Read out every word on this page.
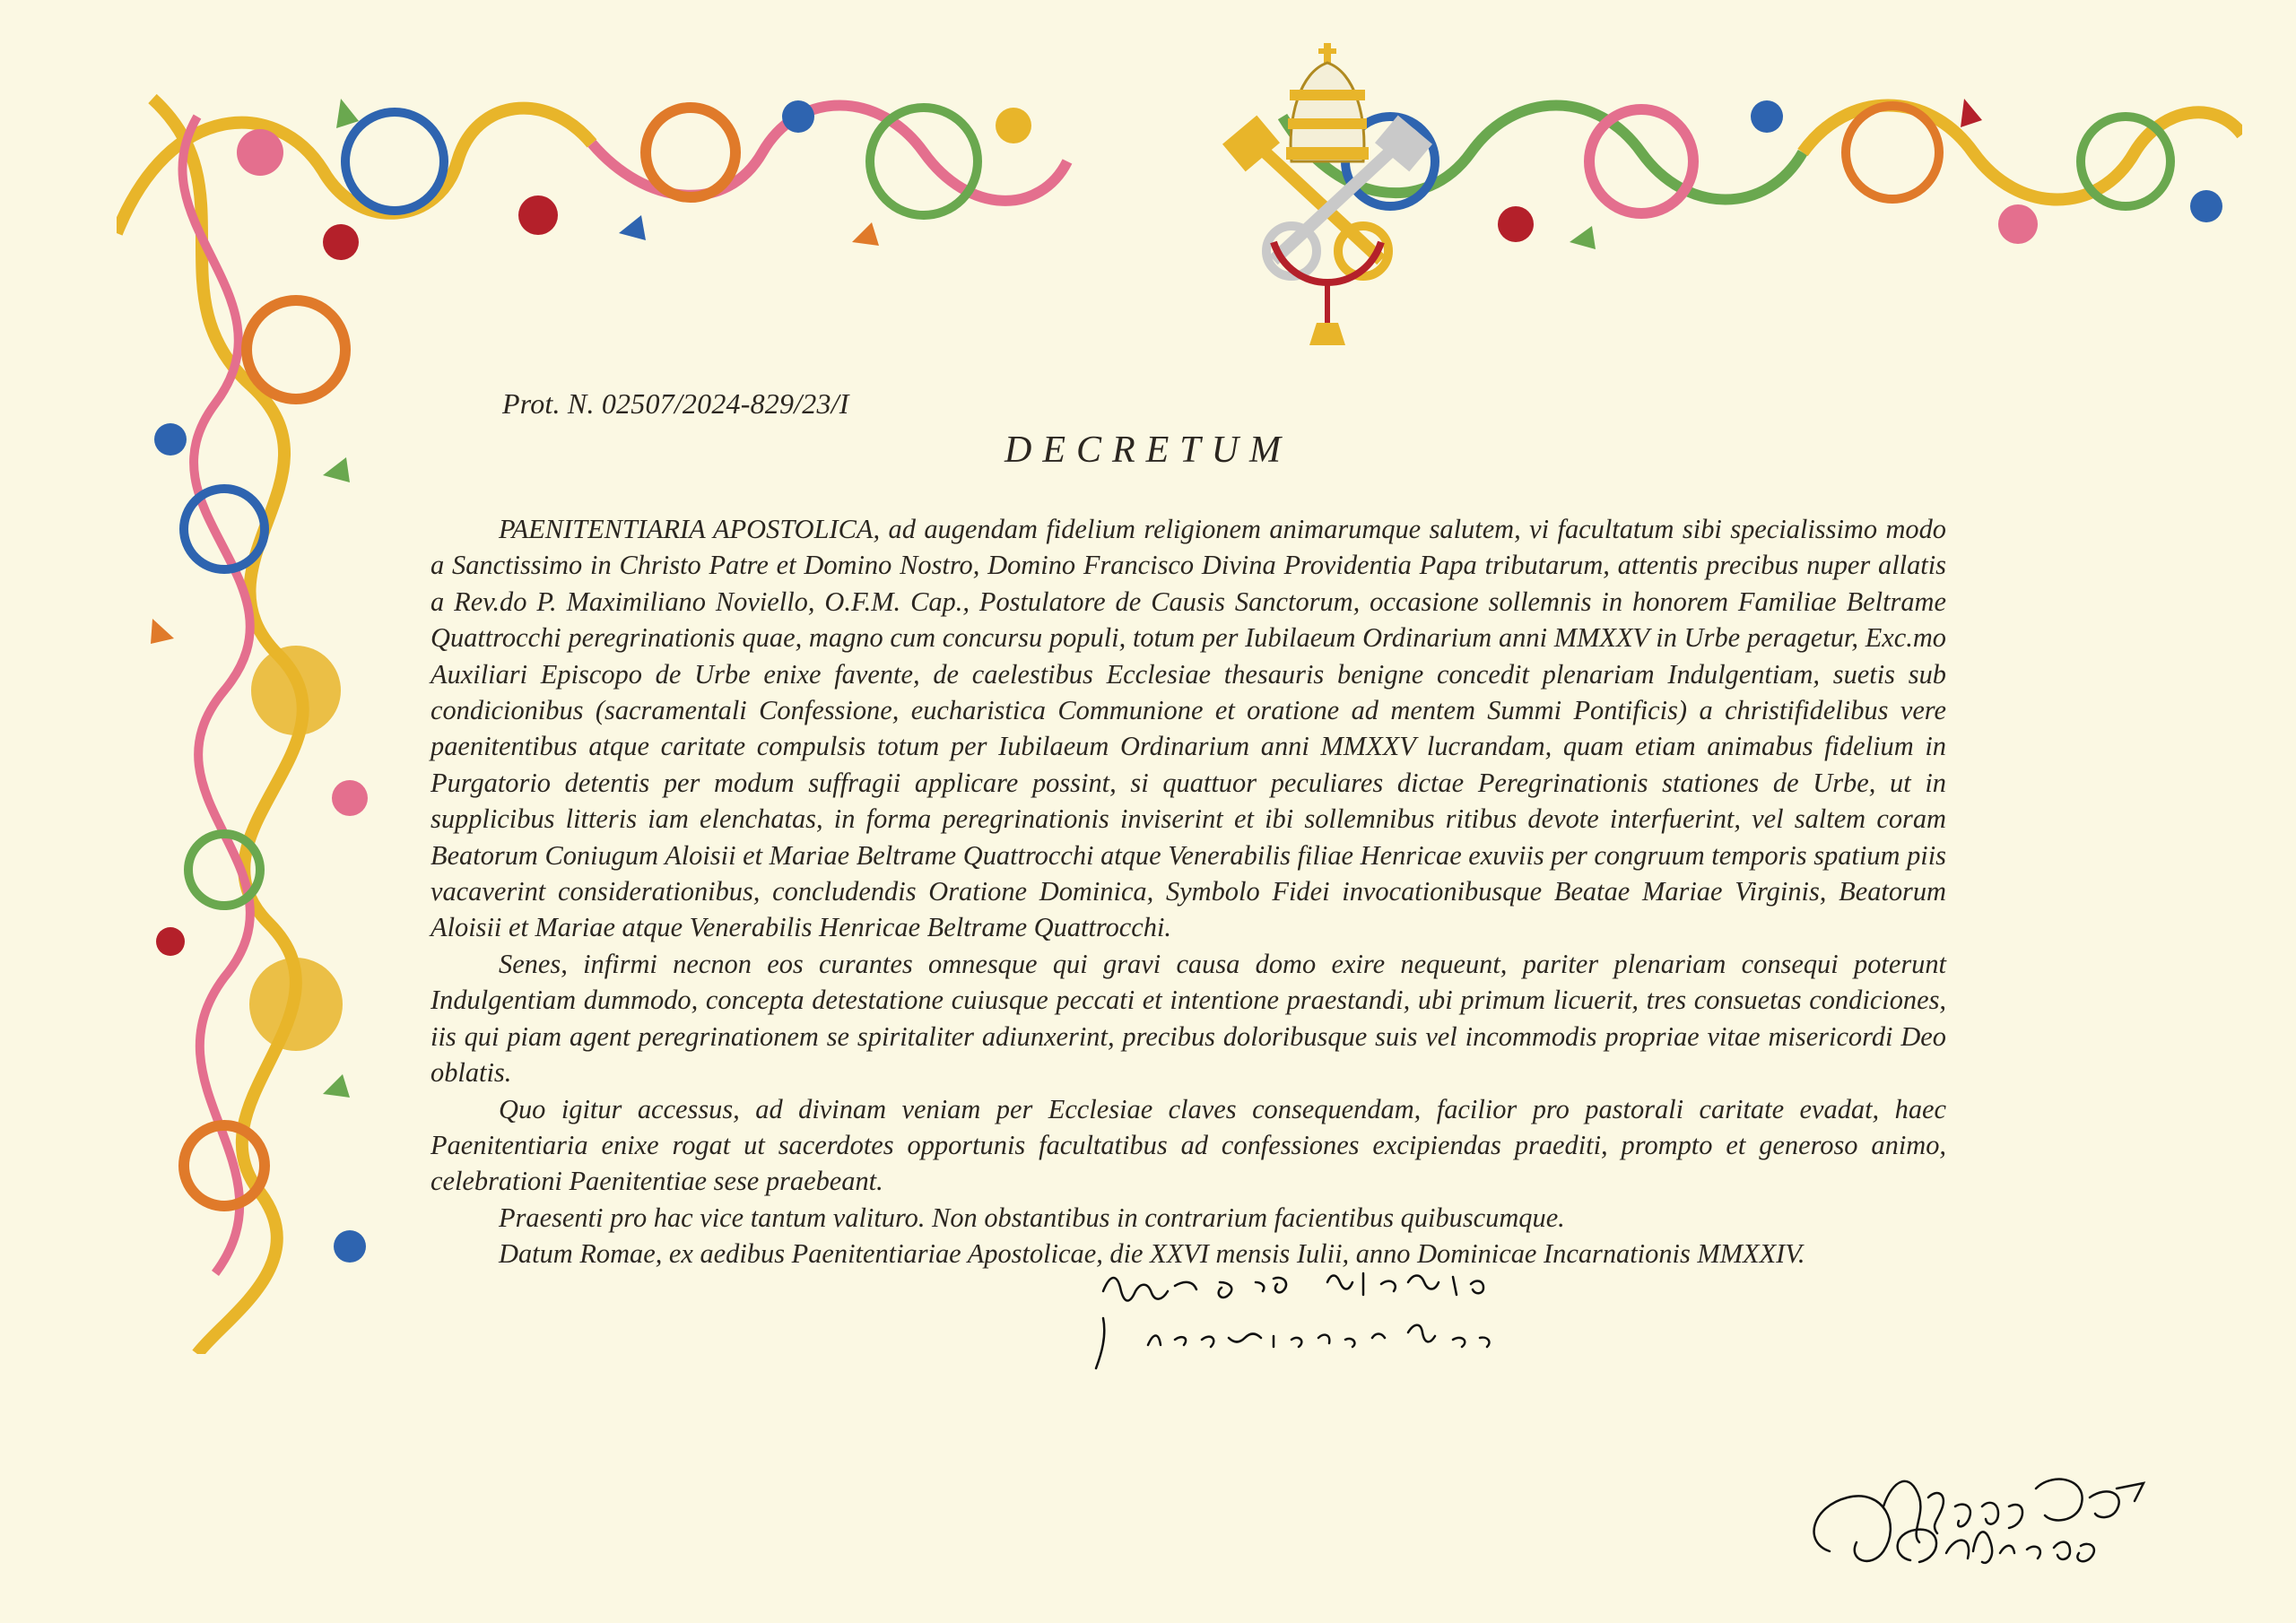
Prot. N. 02507/2024-829/23/I
DECRETUM

PAENITENTIARIA APOSTOLICA, ad augendam fidelium religionem animarumque salutem, vi facultatum sibi specialissimo modo a Sanctissimo in Christo Patre et Domino Nostro, Domino Francisco Divina Providentia Papa tributarum, attentis precibus nuper allatis a Rev.do P. Maximiliano Noviello, O.F.M. Cap., Postulatore de Causis Sanctorum, occasione sollemnis in honorem Familiae Beltrame Quattrocchi peregrinationis quae, magno cum concursu populi, totum per Iubilaeum Ordinarium anni MMXXV in Urbe peragetur, Exc.mo Auxiliari Episcopo de Urbe enixe favente, de caelestibus Ecclesiae thesauris benigne concedit plenariam Indulgentiam, suetis sub condicionibus (sacramentali Confessione, eucharistica Communione et oratione ad mentem Summi Pontificis) a christifidelibus vere paenitentibus atque caritate compulsis totum per Iubilaeum Ordinarium anni MMXXV lucrandam, quam etiam animabus fidelium in Purgatorio detentis per modum suffragii applicare possint, si quattuor peculiares dictae Peregrinationis stationes de Urbe, ut in supplicibus litteris iam elenchatas, in forma peregrinationis inviserint et ibi sollemnibus ritibus devote interfuerint, vel saltem coram Beatorum Coniugum Aloisii et Mariae Beltrame Quattrocchi atque Venerabilis filiae Henricae exuviis per congruum temporis spatium piis vacaverint considerationibus, concludendis Oratione Dominica, Symbolo Fidei invocationibusque Beatae Mariae Virginis, Beatorum Aloisii et Mariae atque Venerabilis Henricae Beltrame Quattrocchi.

Senes, infirmi necnon eos curantes omnesque qui gravi causa domo exire nequeunt, pariter plenariam consequi poterunt Indulgentiam dummodo, concepta detestatione cuiusque peccati et intentione praestandi, ubi primum licuerit, tres consuetas condiciones, iis qui piam agent peregrinationem se spiritaliter adiunxerint, precibus doloribusque suis vel incommodis propriae vitae misericordi Deo oblatis.

Quo igitur accessus, ad divinam veniam per Ecclesiae claves consequendam, facilior pro pastorali caritate evadat, haec Paenitentiaria enixe rogat ut sacerdotes opportunis facultatibus ad confessiones excipiendas praediti, prompto et generoso animo, celebrationi Paenitentiae sese praebeant.

Praesenti pro hac vice tantum valituro. Non obstantibus in contrarium facientibus quibuscumque.

Datum Romae, ex aedibus Paenitentiariae Apostolicae, die XXVI mensis Iulii, anno Dominicae Incarnationis MMXXIV.
